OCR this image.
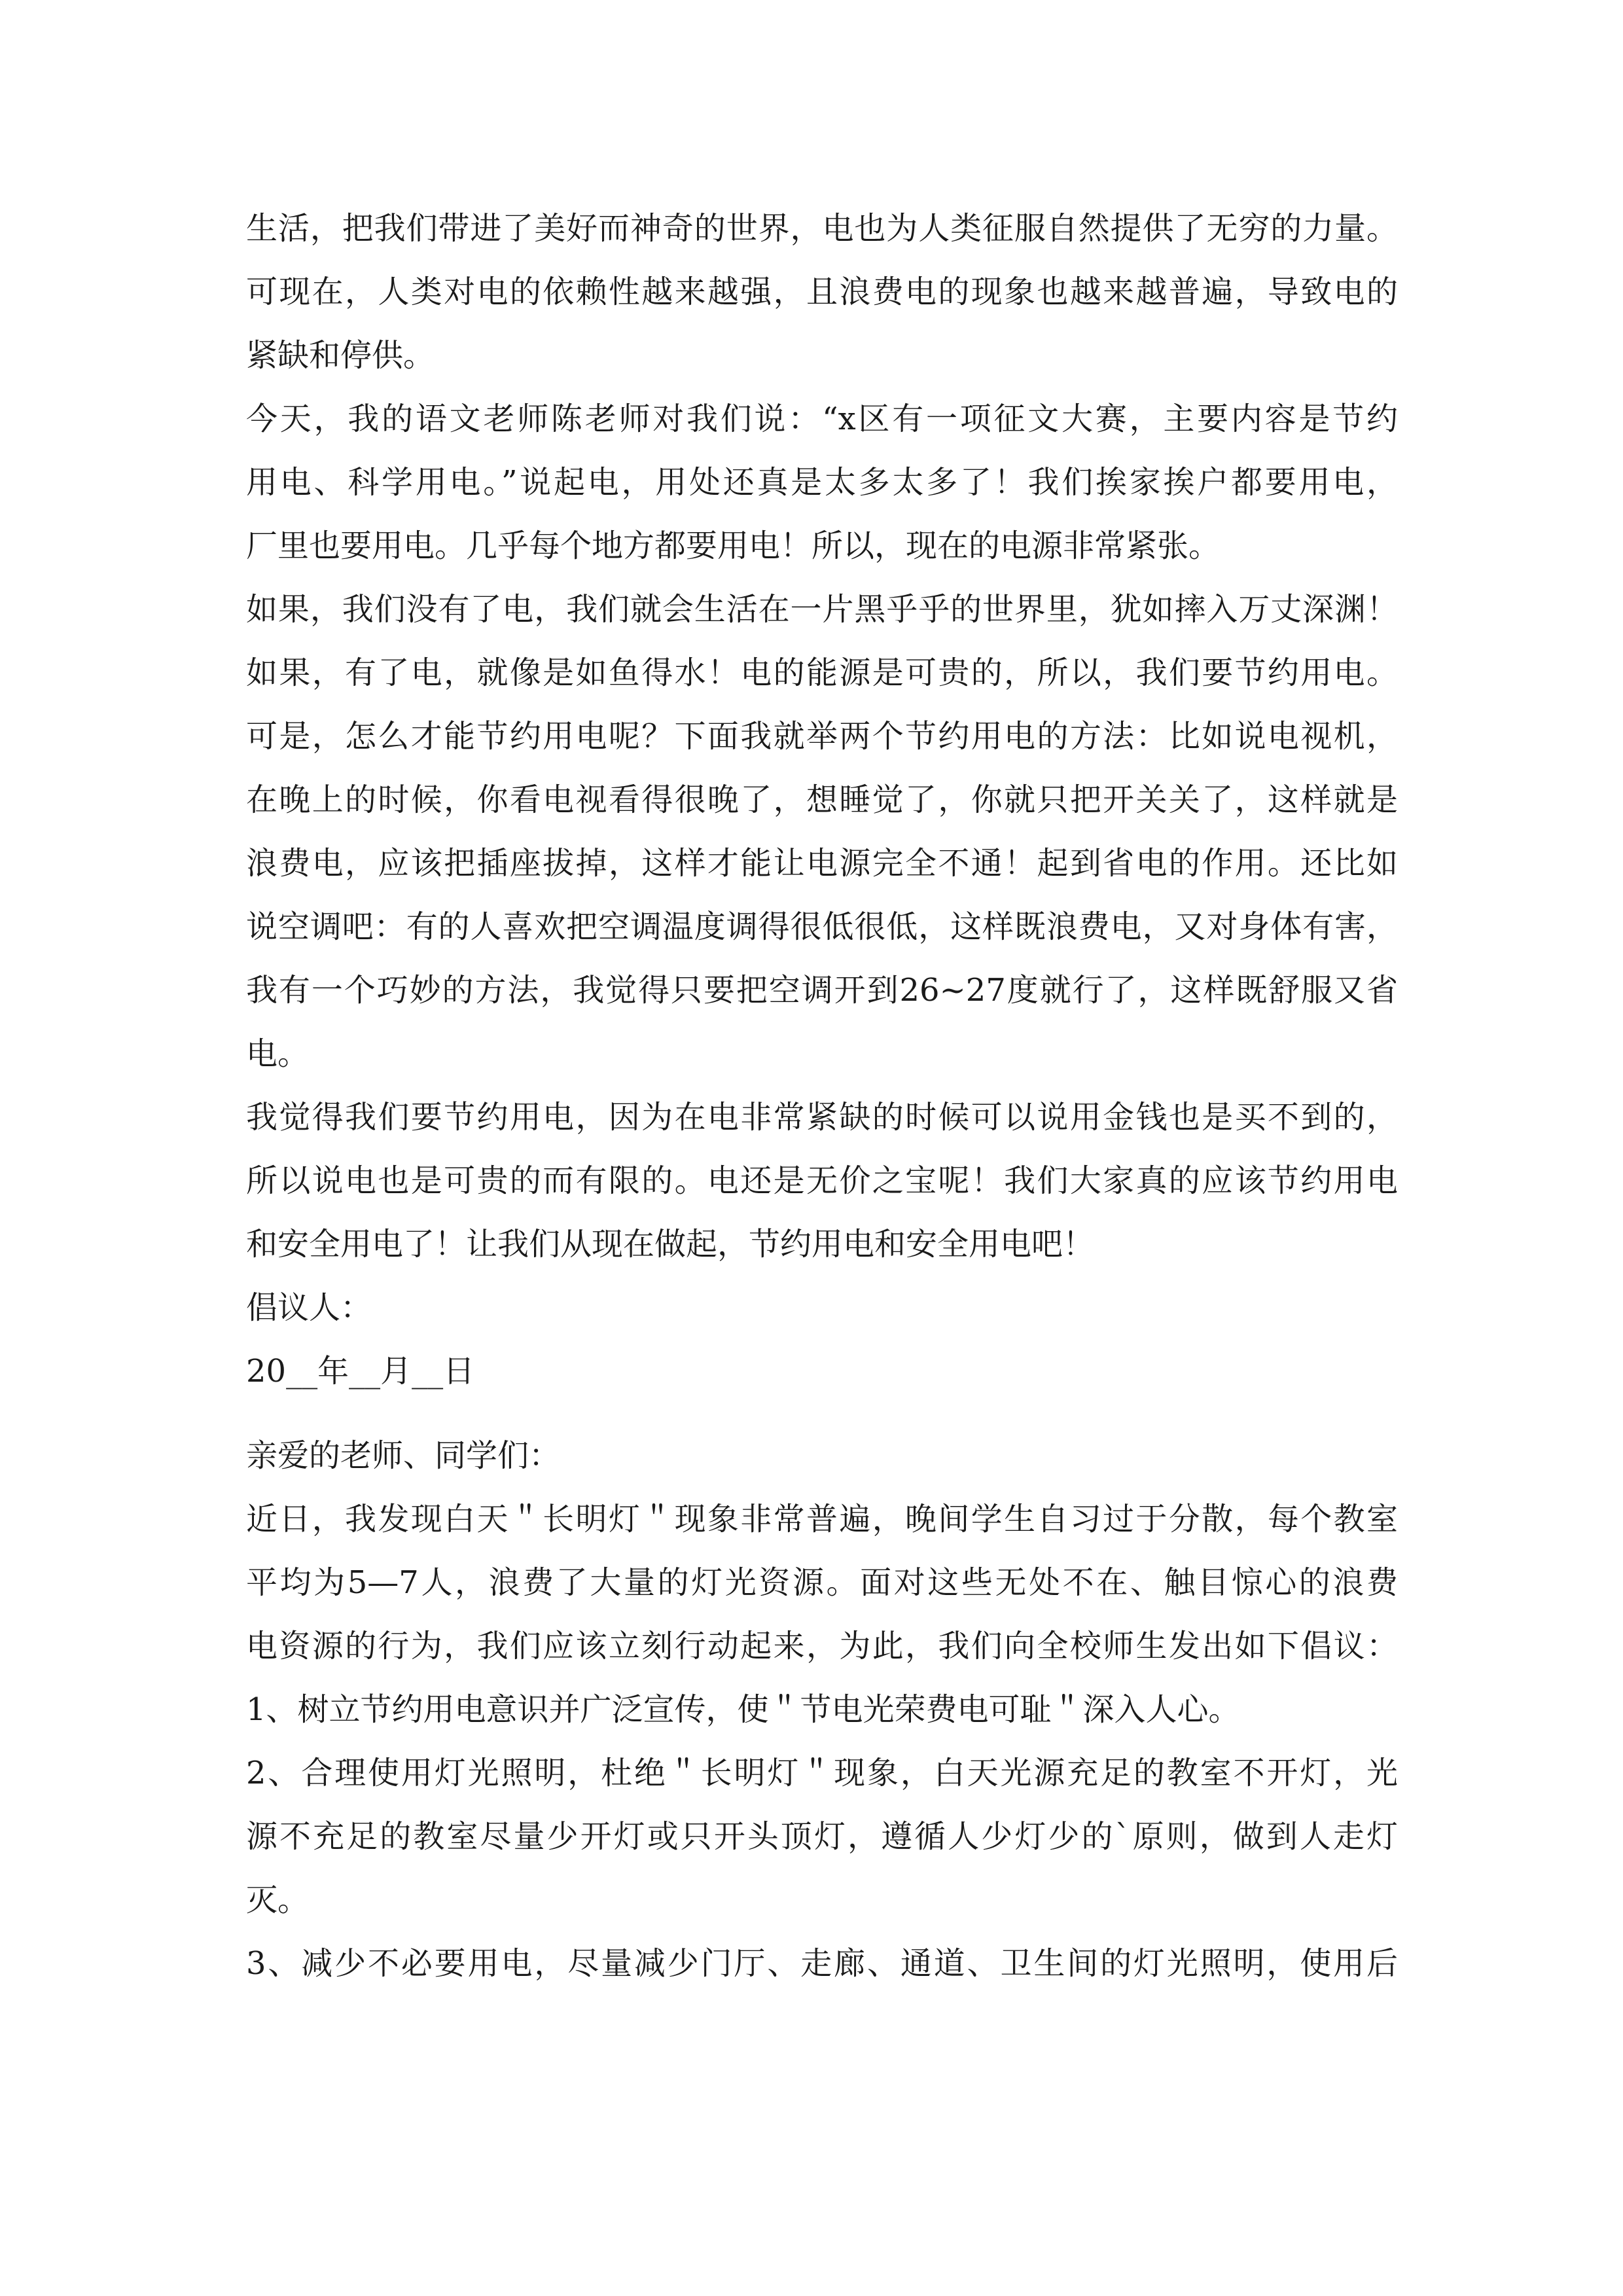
生活，把我们带进了美好而神奇的世界，电也为人类征服自然提供了无穷的力量。
可现在，人类对电的依赖性越来越强，且浪费电的现象也越来越普遍，导致电的
紧缺和停供。
今天，我的语文老师陈老师对我们说：“x区有一项征文大赛，主要内容是节约
用电、科学用电。”说起电，用处还真是太多太多了！我们挨家挨户都要用电，
厂里也要用电。几乎每个地方都要用电！所以，现在的电源非常紧张。
如果，我们没有了电，我们就会生活在一片黑乎乎的世界里，犹如摔入万丈深渊！
如果，有了电，就像是如鱼得水！电的能源是可贵的，所以，我们要节约用电。
可是，怎么才能节约用电呢？下面我就举两个节约用电的方法：比如说电视机，
在晚上的时候，你看电视看得很晚了，想睡觉了，你就只把开关关了，这样就是
浪费电，应该把插座拔掉，这样才能让电源完全不通！起到省电的作用。还比如
说空调吧：有的人喜欢把空调温度调得很低很低，这样既浪费电，又对身体有害，
我有一个巧妙的方法，我觉得只要把空调开到26~27度就行了，这样既舒服又省
电。
我觉得我们要节约用电，因为在电非常紧缺的时候可以说用金钱也是买不到的，
所以说电也是可贵的而有限的。电还是无价之宝呢！我们大家真的应该节约用电
和安全用电了！让我们从现在做起，节约用电和安全用电吧！
倡议人：
20__年__月__日
亲爱的老师、同学们：
近日，我发现白天＂长明灯＂现象非常普遍，晚间学生自习过于分散，每个教室
平均为5—7人，浪费了大量的灯光资源。面对这些无处不在、触目惊心的浪费
电资源的行为，我们应该立刻行动起来，为此，我们向全校师生发出如下倡议：
1、树立节约用电意识并广泛宣传，使＂节电光荣费电可耻＂深入人心。
2、合理使用灯光照明，杜绝＂长明灯＂现象，白天光源充足的教室不开灯，光
源不充足的教室尽量少开灯或只开头顶灯，遵循人少灯少的`原则，做到人走灯
灭。
3、减少不必要用电，尽量减少门厅、走廊、通道、卫生间的灯光照明，使用后
